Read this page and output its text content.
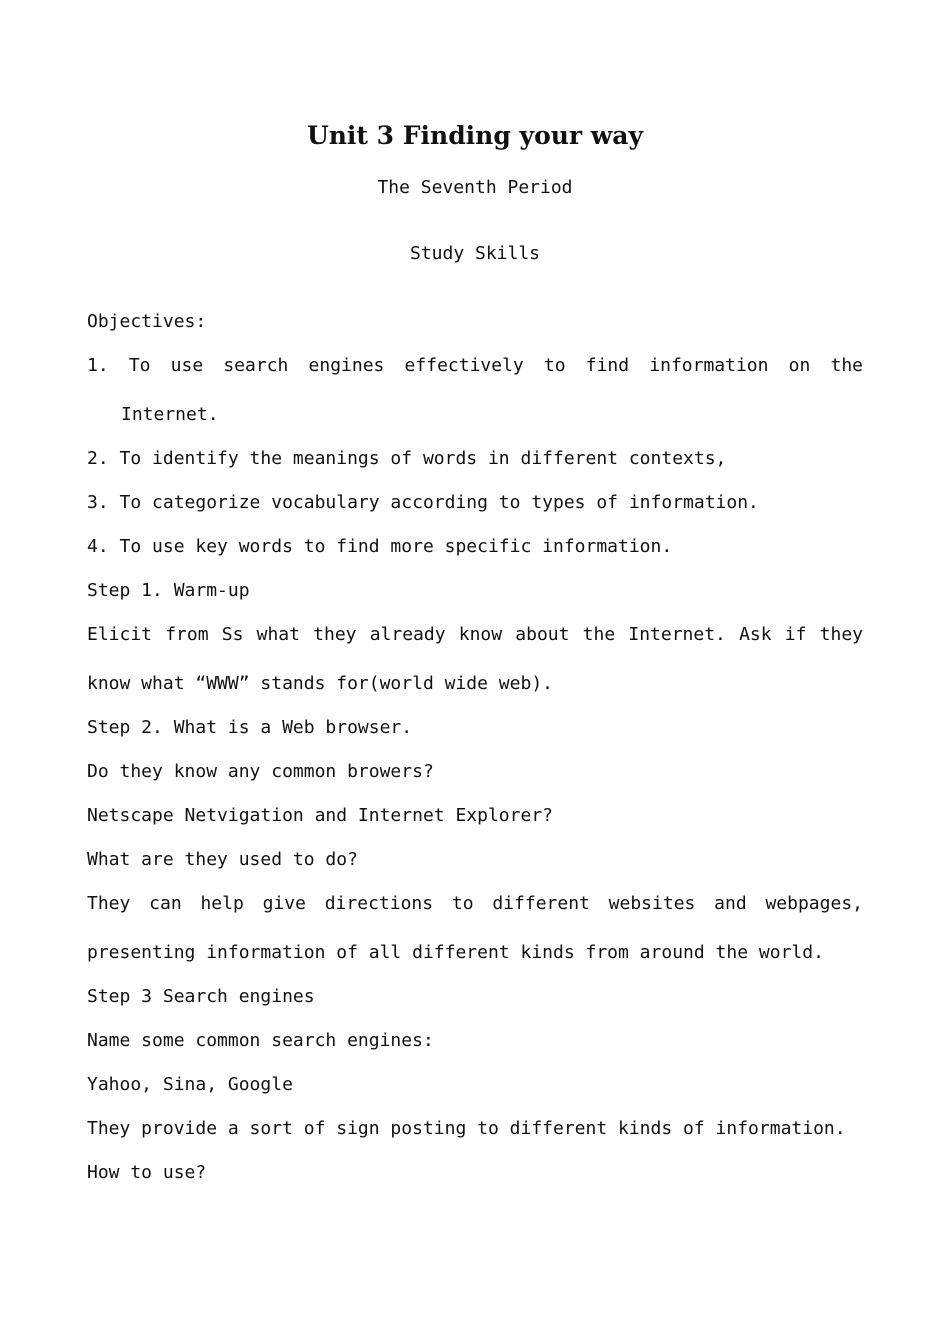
Unit 3 Finding your way

The Seventh Period

Study Skills

Objectives:

1. To use search engines effectively to find information on the

Internet.

2. To identify the meanings of words in different contexts,

3. To categorize vocabulary according to types of information.

4. To use key words to find more specific information.

Step 1. Warm-up

Elicit from Ss what they already know about the Internet. Ask if they

know what “WWW” stands for(world wide web).

Step 2. What is a Web browser.

Do they know any common browers?

Netscape Netvigation and Internet Explorer?

What are they used to do?

They can help give directions to different websites and webpages,

presenting information of all different kinds from around the world.

Step 3 Search engines

Name some common search engines:

Yahoo, Sina, Google

They provide a sort of sign posting to different kinds of information.

How to use?
